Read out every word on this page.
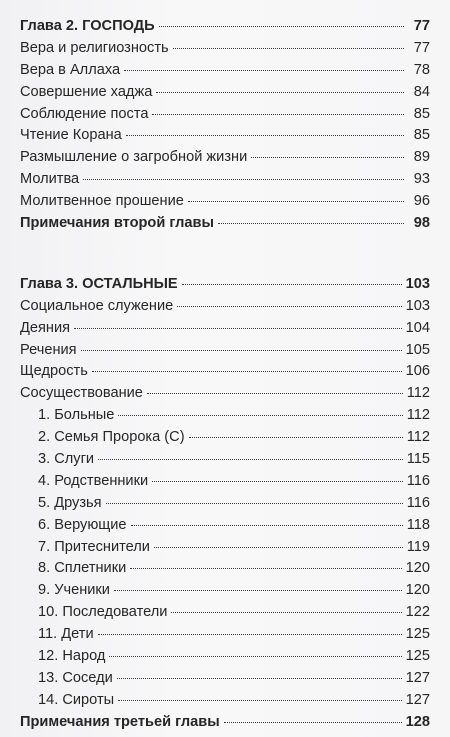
Глава 2. ГОСПОДЬ	77
Вера и религиозность	77
Вера в Аллаха	78
Совершение хаджа	84
Соблюдение поста	85
Чтение Корана	85
Размышление о загробной жизни	89
Молитва	93
Молитвенное прошение	96
Примечания второй главы	98
Глава 3. ОСТАЛЬНЫЕ	103
Социальное служение	103
Деяния	104
Речения	105
Щедрость	106
Сосуществование	112
1. Больные	112
2. Семья Пророка (С)	112
3. Слуги	115
4. Родственники	116
5. Друзья	116
6. Верующие	118
7. Притеснители	119
8. Сплетники	120
9. Ученики	120
10. Последователи	122
11. Дети	125
12. Народ	125
13. Соседи	127
14. Сироты	127
Примечания третьей главы	128
